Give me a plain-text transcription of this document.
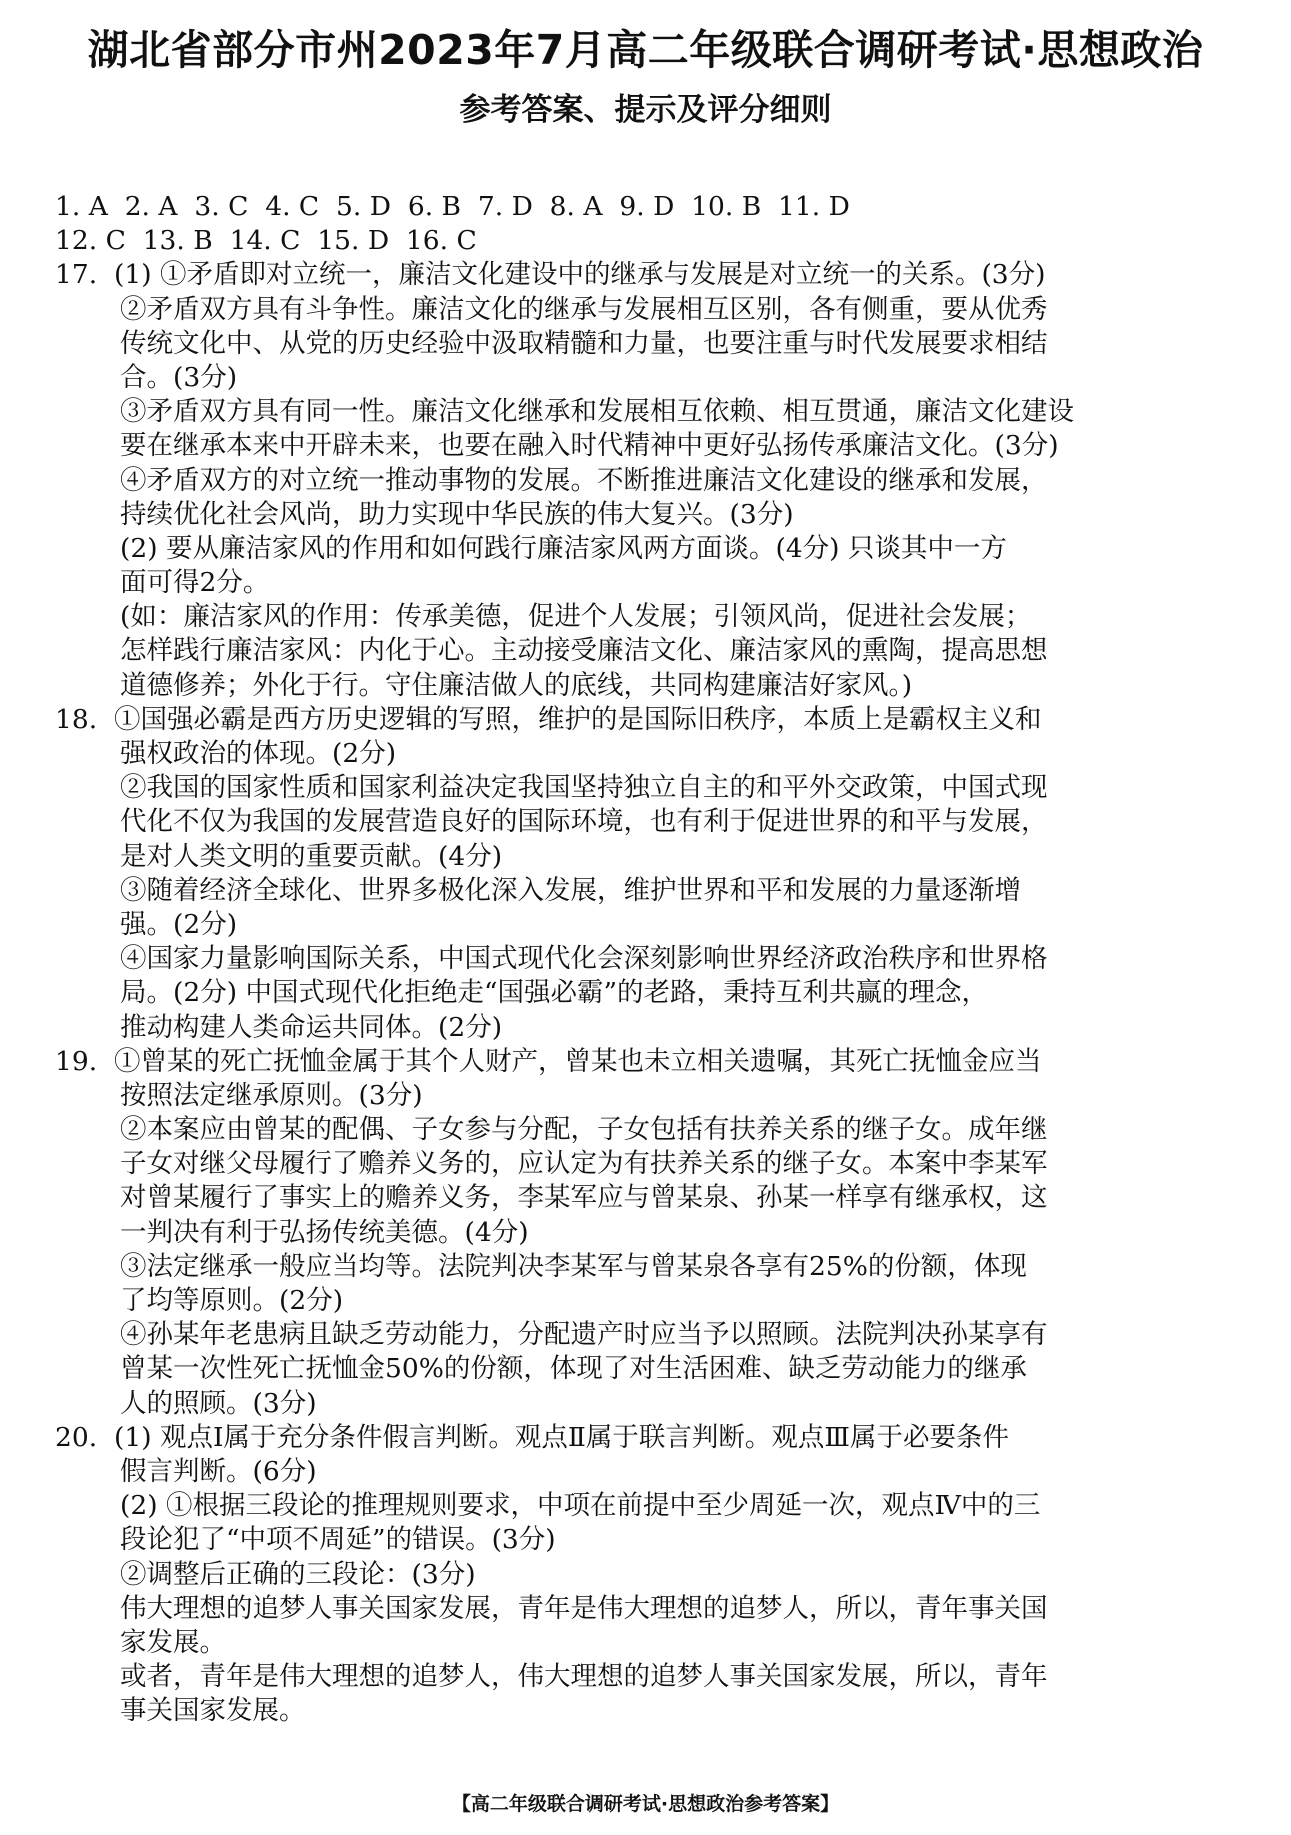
湖北省部分市州2023年7月高二年级联合调研考试·思想政治
参考答案、提示及评分细则
1. A  2. A  3. C  4. C  5. D  6. B  7. D  8. A  9. D  10. B  11. D
12. C  13. B  14. C  15. D  16. C
17.  (1) ①矛盾即对立统一，廉洁文化建设中的继承与发展是对立统一的关系。(3分)
②矛盾双方具有斗争性。廉洁文化的继承与发展相互区别，各有侧重，要从优秀
传统文化中、从党的历史经验中汲取精髓和力量，也要注重与时代发展要求相结
合。(3分)
③矛盾双方具有同一性。廉洁文化继承和发展相互依赖、相互贯通，廉洁文化建设
要在继承本来中开辟未来，也要在融入时代精神中更好弘扬传承廉洁文化。(3分)
④矛盾双方的对立统一推动事物的发展。不断推进廉洁文化建设的继承和发展，
持续优化社会风尚，助力实现中华民族的伟大复兴。(3分)
(2) 要从廉洁家风的作用和如何践行廉洁家风两方面谈。(4分) 只谈其中一方
面可得2分。
(如：廉洁家风的作用：传承美德，促进个人发展；引领风尚，促进社会发展；
怎样践行廉洁家风：内化于心。主动接受廉洁文化、廉洁家风的熏陶，提高思想
道德修养；外化于行。守住廉洁做人的底线，共同构建廉洁好家风。)
18.  ①国强必霸是西方历史逻辑的写照，维护的是国际旧秩序，本质上是霸权主义和
强权政治的体现。(2分)
②我国的国家性质和国家利益决定我国坚持独立自主的和平外交政策，中国式现
代化不仅为我国的发展营造良好的国际环境，也有利于促进世界的和平与发展，
是对人类文明的重要贡献。(4分)
③随着经济全球化、世界多极化深入发展，维护世界和平和发展的力量逐渐增
强。(2分)
④国家力量影响国际关系，中国式现代化会深刻影响世界经济政治秩序和世界格
局。(2分) 中国式现代化拒绝走“国强必霸”的老路，秉持互利共赢的理念，
推动构建人类命运共同体。(2分)
19.  ①曾某的死亡抚恤金属于其个人财产，曾某也未立相关遗嘱，其死亡抚恤金应当
按照法定继承原则。(3分)
②本案应由曾某的配偶、子女参与分配，子女包括有扶养关系的继子女。成年继
子女对继父母履行了赡养义务的，应认定为有扶养关系的继子女。本案中李某军
对曾某履行了事实上的赡养义务，李某军应与曾某泉、孙某一样享有继承权，这
一判决有利于弘扬传统美德。(4分)
③法定继承一般应当均等。法院判决李某军与曾某泉各享有25%的份额，体现
了均等原则。(2分)
④孙某年老患病且缺乏劳动能力，分配遗产时应当予以照顾。法院判决孙某享有
曾某一次性死亡抚恤金50%的份额，体现了对生活困难、缺乏劳动能力的继承
人的照顾。(3分)
20.  (1) 观点Ⅰ属于充分条件假言判断。观点Ⅱ属于联言判断。观点Ⅲ属于必要条件
假言判断。(6分)
(2) ①根据三段论的推理规则要求，中项在前提中至少周延一次，观点Ⅳ中的三
段论犯了“中项不周延”的错误。(3分)
②调整后正确的三段论：(3分)
伟大理想的追梦人事关国家发展，青年是伟大理想的追梦人，所以，青年事关国
家发展。
或者，青年是伟大理想的追梦人，伟大理想的追梦人事关国家发展，所以，青年
事关国家发展。
【高二年级联合调研考试·思想政治参考答案】
